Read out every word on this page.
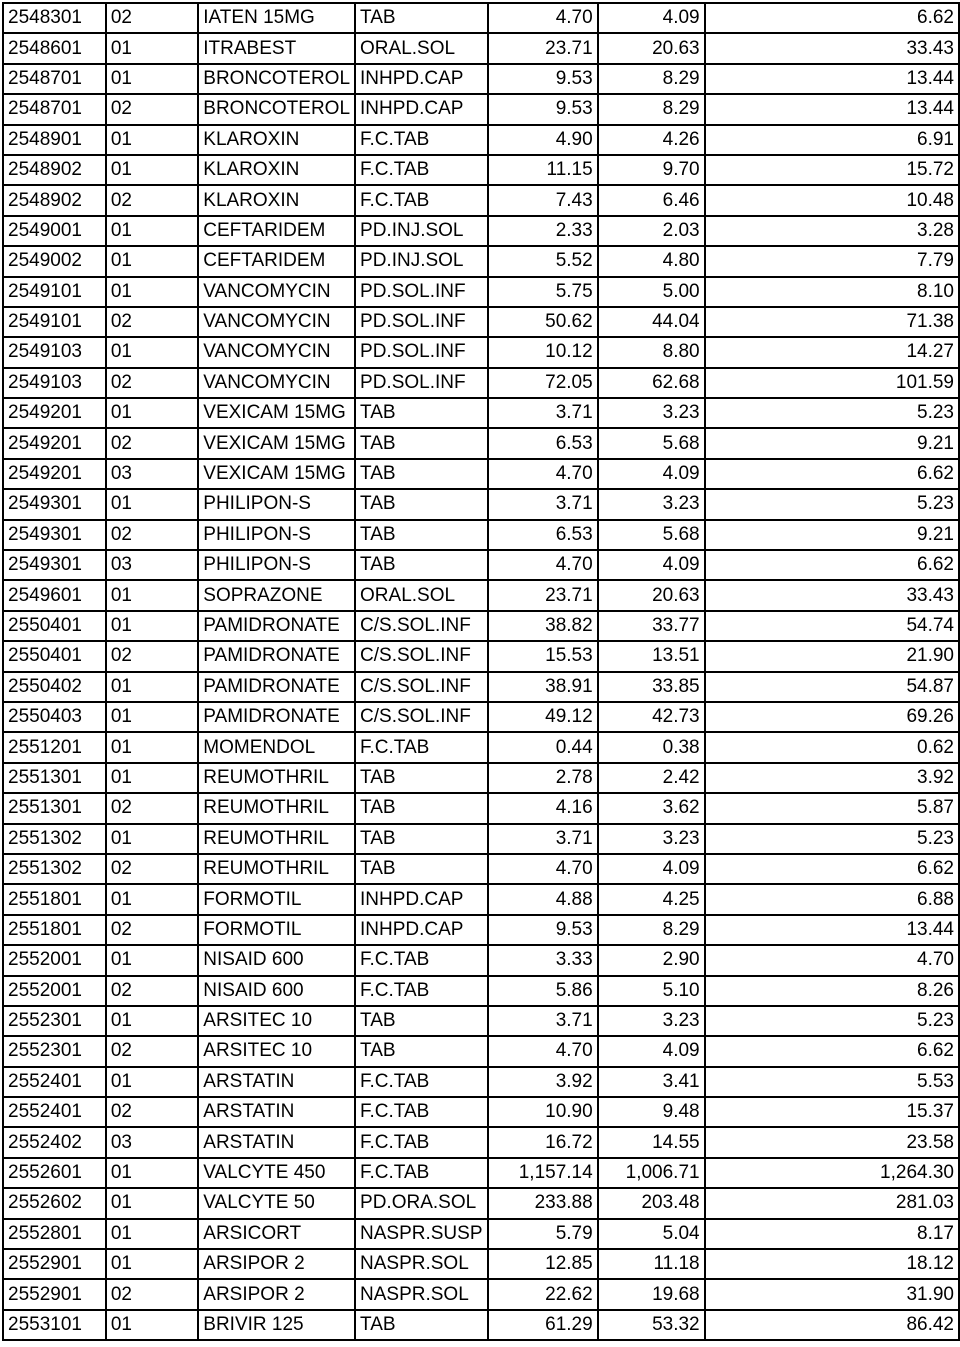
2548301	02	IATEN 15MG	TAB	4.70	4.09	6.62
2548601	01	ITRABEST	ORAL.SOL	23.71	20.63	33.43
2548701	01	BRONCOTEROL	INHPD.CAP	9.53	8.29	13.44
2548701	02	BRONCOTEROL	INHPD.CAP	9.53	8.29	13.44
2548901	01	KLAROXIN	F.C.TAB	4.90	4.26	6.91
2548902	01	KLAROXIN	F.C.TAB	11.15	9.70	15.72
2548902	02	KLAROXIN	F.C.TAB	7.43	6.46	10.48
2549001	01	CEFTARIDEM	PD.INJ.SOL	2.33	2.03	3.28
2549002	01	CEFTARIDEM	PD.INJ.SOL	5.52	4.80	7.79
2549101	01	VANCOMYCIN	PD.SOL.INF	5.75	5.00	8.10
2549101	02	VANCOMYCIN	PD.SOL.INF	50.62	44.04	71.38
2549103	01	VANCOMYCIN	PD.SOL.INF	10.12	8.80	14.27
2549103	02	VANCOMYCIN	PD.SOL.INF	72.05	62.68	101.59
2549201	01	VEXICAM 15MG	TAB	3.71	3.23	5.23
2549201	02	VEXICAM 15MG	TAB	6.53	5.68	9.21
2549201	03	VEXICAM 15MG	TAB	4.70	4.09	6.62
2549301	01	PHILIPON-S	TAB	3.71	3.23	5.23
2549301	02	PHILIPON-S	TAB	6.53	5.68	9.21
2549301	03	PHILIPON-S	TAB	4.70	4.09	6.62
2549601	01	SOPRAZONE	ORAL.SOL	23.71	20.63	33.43
2550401	01	PAMIDRONATE	C/S.SOL.INF	38.82	33.77	54.74
2550401	02	PAMIDRONATE	C/S.SOL.INF	15.53	13.51	21.90
2550402	01	PAMIDRONATE	C/S.SOL.INF	38.91	33.85	54.87
2550403	01	PAMIDRONATE	C/S.SOL.INF	49.12	42.73	69.26
2551201	01	MOMENDOL	F.C.TAB	0.44	0.38	0.62
2551301	01	REUMOTHRIL	TAB	2.78	2.42	3.92
2551301	02	REUMOTHRIL	TAB	4.16	3.62	5.87
2551302	01	REUMOTHRIL	TAB	3.71	3.23	5.23
2551302	02	REUMOTHRIL	TAB	4.70	4.09	6.62
2551801	01	FORMOTIL	INHPD.CAP	4.88	4.25	6.88
2551801	02	FORMOTIL	INHPD.CAP	9.53	8.29	13.44
2552001	01	NISAID 600	F.C.TAB	3.33	2.90	4.70
2552001	02	NISAID 600	F.C.TAB	5.86	5.10	8.26
2552301	01	ARSITEC 10	TAB	3.71	3.23	5.23
2552301	02	ARSITEC 10	TAB	4.70	4.09	6.62
2552401	01	ARSTATIN	F.C.TAB	3.92	3.41	5.53
2552401	02	ARSTATIN	F.C.TAB	10.90	9.48	15.37
2552402	03	ARSTATIN	F.C.TAB	16.72	14.55	23.58
2552601	01	VALCYTE 450	F.C.TAB	1,157.14	1,006.71	1,264.30
2552602	01	VALCYTE 50	PD.ORA.SOL	233.88	203.48	281.03
2552801	01	ARSICORT	NASPR.SUSP	5.79	5.04	8.17
2552901	01	ARSIPOR 2	NASPR.SOL	12.85	11.18	18.12
2552901	02	ARSIPOR 2	NASPR.SOL	22.62	19.68	31.90
2553101	01	BRIVIR 125	TAB	61.29	53.32	86.42
